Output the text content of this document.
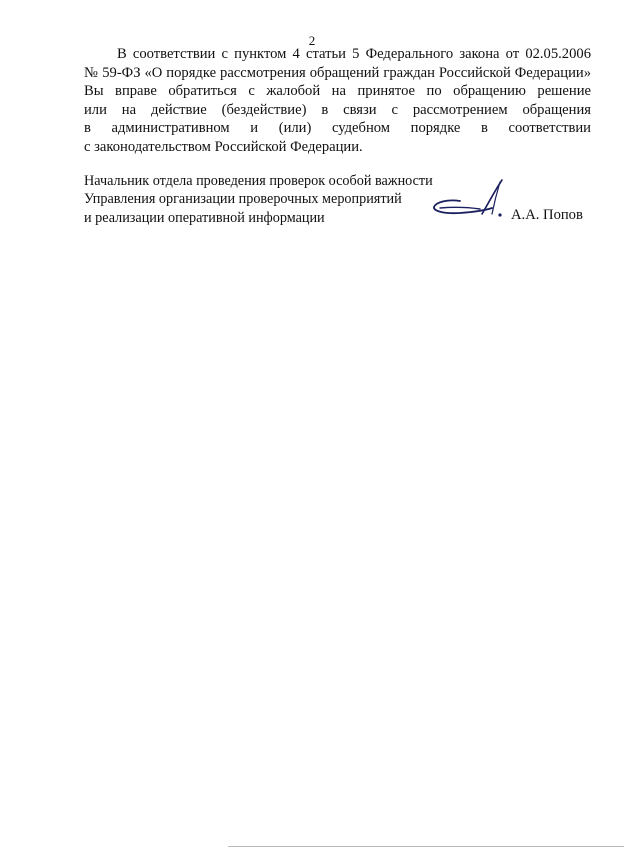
2
В соответствии с пунктом 4 статьи 5 Федерального закона от 02.05.2006
№ 59-ФЗ «О порядке рассмотрения обращений граждан Российской Федерации»
Вы вправе обратиться с жалобой на принятое по обращению решение
или на действие (бездействие) в связи с рассмотрением обращения
в административном и (или) судебном порядке в соответствии
с законодательством Российской Федерации.
Начальник отдела проведения проверок особой важности
Управления организации проверочных мероприятий
и реализации оперативной информации	А.А. Попов
